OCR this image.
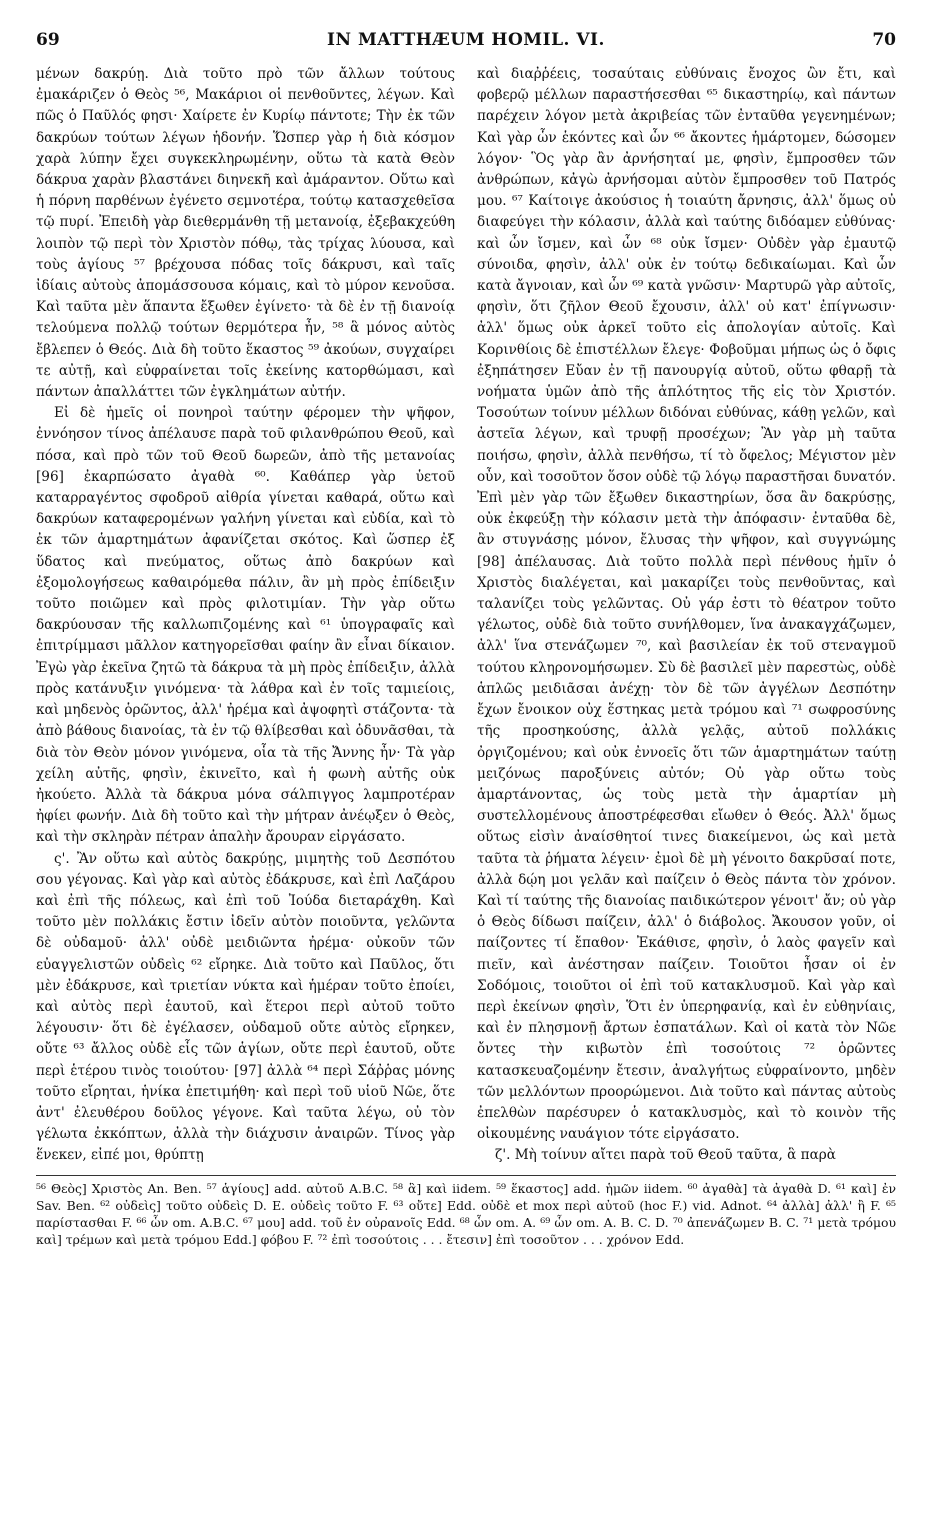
69	IN MATTHÆUM HOMIL. VI.	70

μένων δακρύῃ. Διὰ τοῦτο πρὸ τῶν ἄλλων τούτους ἐμακάριζεν ὁ Θεὸς ⁵⁶, Μακάριοι οἱ πενθοῦντες, λέγων. Καὶ πῶς ὁ Παῦλός φησι· Χαίρετε ἐν Κυρίῳ πάντοτε; Τὴν ἐκ τῶν δακρύων τούτων λέγων ἡδονήν. Ὥσπερ γὰρ ἡ διὰ κόσμον χαρὰ λύπην ἔχει συγκεκληρωμένην, οὕτω τὰ κατὰ Θεὸν δάκρυα χαρὰν βλαστάνει διηνεκῆ καὶ ἀμάραντον. Οὕτω καὶ ἡ πόρνη παρθένων ἐγένετο σεμνοτέρα, τούτῳ κατασχεθεῖσα τῷ πυρί. Ἐπειδὴ γὰρ διεθερμάνθη τῇ μετανοίᾳ, ἐξεβακχεύθη λοιπὸν τῷ περὶ τὸν Χριστὸν πόθῳ, τὰς τρίχας λύουσα, καὶ τοὺς ἁγίους ⁵⁷ βρέχουσα πόδας τοῖς δάκρυσι, καὶ ταῖς ἰδίαις αὐτοὺς ἀπομάσσουσα κόμαις, καὶ τὸ μύρον κενοῦσα. Καὶ ταῦτα μὲν ἅπαντα ἔξωθεν ἐγίνετο· τὰ δὲ ἐν τῇ διανοίᾳ τελούμενα πολλῷ τούτων θερμότερα ἦν, ⁵⁸ ἃ μόνος αὐτὸς ἔβλεπεν ὁ Θεός. Διὰ δὴ τοῦτο ἕκαστος ⁵⁹ ἀκούων, συγχαίρει τε αὐτῇ, καὶ εὐφραίνεται τοῖς ἐκείνης κατορθώμασι, καὶ πάντων ἀπαλλάττει τῶν ἐγκλημάτων αὐτήν.

Εἰ δὲ ἡμεῖς οἱ πονηροὶ ταύτην φέρομεν τὴν ψῆφον, ἐννόησον τίνος ἀπέλαυσε παρὰ τοῦ φιλανθρώπου Θεοῦ, καὶ πόσα, καὶ πρὸ τῶν τοῦ Θεοῦ δωρεῶν, ἀπὸ τῆς μετανοίας [96] ἐκαρπώσατο ἀγαθὰ ⁶⁰. Καθάπερ γὰρ ὑετοῦ καταρραγέντος σφοδροῦ αἰθρία γίνεται καθαρά, οὕτω καὶ δακρύων καταφερομένων γαλήνη γίνεται καὶ εὐδία, καὶ τὸ ἐκ τῶν ἁμαρτημάτων ἀφανίζεται σκότος. Καὶ ὥσπερ ἐξ ὕδατος καὶ πνεύματος, οὕτως ἀπὸ δακρύων καὶ ἐξομολογήσεως καθαιρόμεθα πάλιν, ἂν μὴ πρὸς ἐπίδειξιν τοῦτο ποιῶμεν καὶ πρὸς φιλοτιμίαν. Τὴν γὰρ οὕτω δακρύουσαν τῆς καλλωπιζομένης καὶ ⁶¹ ὑπογραφαῖς καὶ ἐπιτρίμμασι μᾶλλον κατηγορεῖσθαι φαίην ἂν εἶναι δίκαιον. Ἐγὼ γὰρ ἐκεῖνα ζητῶ τὰ δάκρυα τὰ μὴ πρὸς ἐπίδειξιν, ἀλλὰ πρὸς κατάνυξιν γινόμενα· τὰ λάθρα καὶ ἐν τοῖς ταμιείοις, καὶ μηδενὸς ὁρῶντος, ἀλλ' ἠρέμα καὶ ἀψοφητὶ στάζοντα· τὰ ἀπὸ βάθους διανοίας, τὰ ἐν τῷ θλίβεσθαι καὶ ὀδυνᾶσθαι, τὰ διὰ τὸν Θεὸν μόνον γινόμενα, οἷα τὰ τῆς Ἄννης ἦν· Τὰ γὰρ χείλη αὐτῆς, φησὶν, ἐκινεῖτο, καὶ ἡ φωνὴ αὐτῆς οὐκ ἠκούετο. Ἀλλὰ τὰ δάκρυα μόνα σάλπιγγος λαμπροτέραν ἠφίει φωνήν. Διὰ δὴ τοῦτο καὶ τὴν μήτραν ἀνέῳξεν ὁ Θεὸς, καὶ τὴν σκληρὰν πέτραν ἁπαλὴν ἄρουραν εἰργάσατο.

ς'. Ἂν οὕτω καὶ αὐτὸς δακρύῃς, μιμητὴς τοῦ Δεσπότου σου γέγονας. Καὶ γὰρ καὶ αὐτὸς ἐδάκρυσε, καὶ ἐπὶ Λαζάρου καὶ ἐπὶ τῆς πόλεως, καὶ ἐπὶ τοῦ Ἰούδα διεταράχθη. Καὶ τοῦτο μὲν πολλάκις ἔστιν ἰδεῖν αὐτὸν ποιοῦντα, γελῶντα δὲ οὐδαμοῦ· ἀλλ' οὐδὲ μειδιῶντα ἠρέμα· οὐκοῦν τῶν εὐαγγελιστῶν οὐδεὶς ⁶² εἴρηκε. Διὰ τοῦτο καὶ Παῦλος, ὅτι μὲν ἐδάκρυσε, καὶ τριετίαν νύκτα καὶ ἡμέραν τοῦτο ἐποίει, καὶ αὐτὸς περὶ ἑαυτοῦ, καὶ ἕτεροι περὶ αὐτοῦ τοῦτο λέγουσιν· ὅτι δὲ ἐγέλασεν, οὐδαμοῦ οὔτε αὐτὸς εἴρηκεν, οὔτε ⁶³ ἄλλος οὐδὲ εἷς τῶν ἁγίων, οὔτε περὶ ἑαυτοῦ, οὔτε περὶ ἑτέρου τινὸς τοιούτου· [97] ἀλλὰ ⁶⁴ περὶ Σάῤῥας μόνης τοῦτο εἴρηται, ἡνίκα ἐπετιμήθη· καὶ περὶ τοῦ υἱοῦ Νῶε, ὅτε ἀντ' ἐλευθέρου δοῦλος γέγονε. Καὶ ταῦτα λέγω, οὐ τὸν γέλωτα ἐκκόπτων, ἀλλὰ τὴν διάχυσιν ἀναιρῶν. Τίνος γὰρ ἕνεκεν, εἰπέ μοι, θρύπτῃ

καὶ διαῤῥέεις, τοσαύταις εὐθύναις ἔνοχος ὢν ἔτι, καὶ φοβερῷ μέλλων παραστήσεσθαι ⁶⁵ δικαστηρίῳ, καὶ πάντων παρέχειν λόγον μετὰ ἀκριβείας τῶν ἐνταῦθα γεγενημένων; Καὶ γὰρ ὧν ἑκόντες καὶ ὧν ⁶⁶ ἄκοντες ἡμάρτομεν, δώσομεν λόγον· Ὃς γὰρ ἂν ἀρνήσηταί με, φησὶν, ἔμπροσθεν τῶν ἀνθρώπων, κἀγὼ ἀρνήσομαι αὐτὸν ἔμπροσθεν τοῦ Πατρός μου. ⁶⁷ Καίτοιγε ἀκούσιος ἡ τοιαύτη ἄρνησις, ἀλλ' ὅμως οὐ διαφεύγει τὴν κόλασιν, ἀλλὰ καὶ ταύτης διδόαμεν εὐθύνας· καὶ ὧν ἴσμεν, καὶ ὧν ⁶⁸ οὐκ ἴσμεν· Οὐδὲν γὰρ ἐμαυτῷ σύνοιδα, φησὶν, ἀλλ' οὐκ ἐν τούτῳ δεδικαίωμαι. Καὶ ὧν κατὰ ἄγνοιαν, καὶ ὧν ⁶⁹ κατὰ γνῶσιν· Μαρτυρῶ γὰρ αὐτοῖς, φησὶν, ὅτι ζῆλον Θεοῦ ἔχουσιν, ἀλλ' οὐ κατ' ἐπίγνωσιν· ἀλλ' ὅμως οὐκ ἀρκεῖ τοῦτο εἰς ἀπολογίαν αὐτοῖς. Καὶ Κορινθίοις δὲ ἐπιστέλλων ἔλεγε· Φοβοῦμαι μήπως ὡς ὁ ὄφις ἐξηπάτησεν Εὔαν ἐν τῇ πανουργίᾳ αὐτοῦ, οὕτω φθαρῇ τὰ νοήματα ὑμῶν ἀπὸ τῆς ἁπλότητος τῆς εἰς τὸν Χριστόν. Τοσούτων τοίνυν μέλλων διδόναι εὐθύνας, κάθῃ γελῶν, καὶ ἀστεῖα λέγων, καὶ τρυφῇ προσέχων; Ἂν γὰρ μὴ ταῦτα ποιήσω, φησὶν, ἀλλὰ πενθήσω, τί τὸ ὄφελος; Μέγιστον μὲν οὖν, καὶ τοσοῦτον ὅσον οὐδὲ τῷ λόγῳ παραστῆσαι δυνατόν. Ἐπὶ μὲν γὰρ τῶν ἔξωθεν δικαστηρίων, ὅσα ἂν δακρύσῃς, οὐκ ἐκφεύξῃ τὴν κόλασιν μετὰ τὴν ἀπόφασιν· ἐνταῦθα δὲ, ἂν στυγνάσῃς μόνον, ἔλυσας τὴν ψῆφον, καὶ συγγνώμης [98] ἀπέλαυσας. Διὰ τοῦτο πολλὰ περὶ πένθους ἡμῖν ὁ Χριστὸς διαλέγεται, καὶ μακαρίζει τοὺς πενθοῦντας, καὶ ταλανίζει τοὺς γελῶντας. Οὐ γάρ ἐστι τὸ θέατρον τοῦτο γέλωτος, οὐδὲ διὰ τοῦτο συνήλθομεν, ἵνα ἀνακαγχάζωμεν, ἀλλ' ἵνα στενάζωμεν ⁷⁰, καὶ βασιλείαν ἐκ τοῦ στεναγμοῦ τούτου κληρονομήσωμεν. Σὺ δὲ βασιλεῖ μὲν παρεστὼς, οὐδὲ ἁπλῶς μειδιᾶσαι ἀνέχῃ· τὸν δὲ τῶν ἀγγέλων Δεσπότην ἔχων ἔνοικον οὐχ ἕστηκας μετὰ τρόμου καὶ ⁷¹ σωφροσύνης τῆς προσηκούσης, ἀλλὰ γελᾷς, αὐτοῦ πολλάκις ὀργιζομένου; καὶ οὐκ ἐννοεῖς ὅτι τῶν ἁμαρτημάτων ταύτῃ μειζόνως παροξύνεις αὐτόν; Οὐ γὰρ οὕτω τοὺς ἁμαρτάνοντας, ὡς τοὺς μετὰ τὴν ἁμαρτίαν μὴ συστελλομένους ἀποστρέφεσθαι εἴωθεν ὁ Θεός. Ἀλλ' ὅμως οὕτως εἰσὶν ἀναίσθητοί τινες διακείμενοι, ὡς καὶ μετὰ ταῦτα τὰ ῥήματα λέγειν· ἐμοὶ δὲ μὴ γένοιτο δακρῦσαί ποτε, ἀλλὰ δῴη μοι γελᾶν καὶ παίζειν ὁ Θεὸς πάντα τὸν χρόνον. Καὶ τί ταύτης τῆς διανοίας παιδικώτερον γένοιτ' ἄν; οὐ γὰρ ὁ Θεὸς δίδωσι παίζειν, ἀλλ' ὁ διάβολος. Ἄκουσον γοῦν, οἱ παίζοντες τί ἔπαθον· Ἐκάθισε, φησὶν, ὁ λαὸς φαγεῖν καὶ πιεῖν, καὶ ἀνέστησαν παίζειν. Τοιοῦτοι ἦσαν οἱ ἐν Σοδόμοις, τοιοῦτοι οἱ ἐπὶ τοῦ κατακλυσμοῦ. Καὶ γὰρ καὶ περὶ ἐκείνων φησὶν, Ὅτι ἐν ὑπερηφανίᾳ, καὶ ἐν εὐθηνίαις, καὶ ἐν πλησμονῇ ἄρτων ἐσπατάλων. Καὶ οἱ κατὰ τὸν Νῶε ὄντες τὴν κιβωτὸν ἐπὶ τοσούτοις ⁷² ὁρῶντες κατασκευαζομένην ἔτεσιν, ἀναλγήτως εὐφραίνοντο, μηδὲν τῶν μελλόντων προορώμενοι. Διὰ τοῦτο καὶ πάντας αὐτοὺς ἐπελθὼν παρέσυρεν ὁ κατακλυσμὸς, καὶ τὸ κοινὸν τῆς οἰκουμένης ναυάγιον τότε εἰργάσατο.

ζ'. Μὴ τοίνυν αἴτει παρὰ τοῦ Θεοῦ ταῦτα, ἃ παρὰ

⁵⁶ Θεὸς] Χριστὸς An. Ben. ⁵⁷ ἁγίους] add. αὐτοῦ A.B.C. ⁵⁸ ἃ] καὶ iidem. ⁵⁹ ἕκαστος] add. ἡμῶν iidem. ⁶⁰ ἀγαθὰ] τὰ ἀγαθὰ D. ⁶¹ καὶ] ἐν Sav. Ben. ⁶² οὐδεὶς] τοῦτο οὐδεὶς D. E. οὐδεὶς τοῦτο F. ⁶³ οὔτε] Edd. οὐδὲ et mox περὶ αὐτοῦ (hoc F.) vid. Adnot. ⁶⁴ ἀλλὰ] ἀλλ' ἢ F. ⁶⁵ παρίστασθαι F. ⁶⁶ ὧν om. A.B.C. ⁶⁷ μου] add. τοῦ ἐν οὐρανοῖς Edd. ⁶⁸ ὧν om. A. ⁶⁹ ὧν om. A. B. C. D. ⁷⁰ ἀπενάζωμεν B. C. ⁷¹ μετὰ τρόμου καὶ] τρέμων καὶ μετὰ τρόμου Edd.] φόβου F. ⁷² ἐπὶ τοσούτοις . . . ἔτεσιν] ἐπὶ τοσοῦτον . . . χρόνον Edd.
